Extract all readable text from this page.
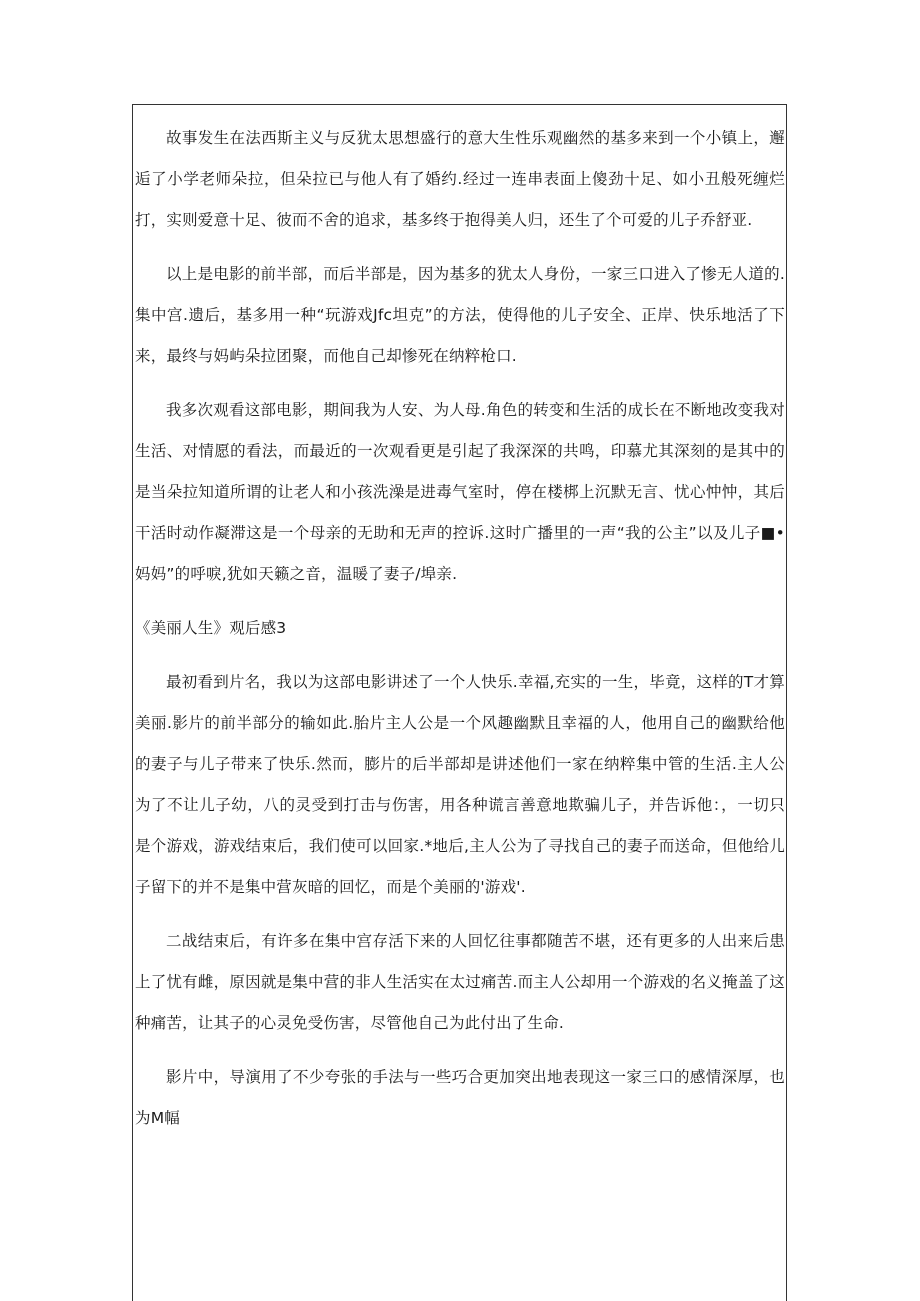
故事发生在法西斯主义与反犹太思想盛行的意大生性乐观幽然的基多来到一个小镇上，邂逅了小学老师朵拉，但朵拉已与他人有了婚约.经过一连串表面上傻劲十足、如小丑般死缠烂打，实则爱意十足、彼而不舍的追求，基多终于抱得美人归，还生了个可爱的儿子乔舒亚.

以上是电影的前半部，而后半部是，因为基多的犹太人身份，一家三口进入了惨无人道的.集中宫.遗后，基多用一种“玩游戏Jfc坦克”的方法，使得他的儿子安全、正岸、快乐地活了下来，最终与妈屿朵拉团聚，而他自己却惨死在纳粹枪口.

我多次观看这部电影，期间我为人安、为人母.角色的转变和生活的成长在不断地改变我对生活、对情愿的看法，而最近的一次观看更是引起了我深深的共鸣，印慕尤其深刻的是其中的是当朵拉知道所谓的让老人和小孩洗澡是进毒气室时，停在楼梆上沉默无言、忧心忡忡，其后干活时动作凝滞这是一个母亲的无助和无声的控诉.这时广播里的一声“我的公主”以及儿子■•妈妈”的呼唳,犹如天籁之音，温暖了妻子/埠亲.

《美丽人生》观后感3

最初看到片名，我以为这部电影讲述了一个人快乐.幸福,充实的一生，毕竟，这样的T才算美丽.影片的前半部分的输如此.胎片主人公是一个风趣幽默且幸福的人，他用自己的幽默给他的妻子与儿子带来了快乐.然而，膨片的后半部却是讲述他们一家在纳粹集中管的生活.主人公为了不让儿子幼，八的灵受到打击与伤害，用各种谎言善意地欺骗儿子，并告诉他：，一切只是个游戏，游戏结束后，我们使可以回家.*地后,主人公为了寻找自己的妻子而送命，但他给儿子留下的并不是集中营灰暗的回忆，而是个美丽的'游戏'.

二战结束后，有许多在集中宫存活下来的人回忆往事都随苦不堪，还有更多的人出来后患上了忧有雌，原因就是集中营的非人生活实在太过痛苦.而主人公却用一个游戏的名义掩盖了这种痛苦，让其子的心灵免受伤害，尽管他自己为此付出了生命.

影片中，导演用了不少夸张的手法与一些巧合更加突出地表现这一家三口的感情深厚，也为M幅
